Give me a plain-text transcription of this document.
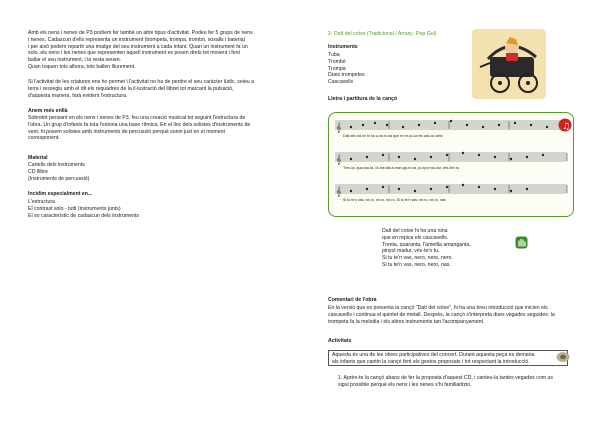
Amb els nens i nenes de P3 podíem fer també un altre tipus d'activitat. Podeu fer 5 grups de nens
i nenes. Cadascun d'ells representa un instrument (trompeta, trompa, trombó, xoxalls i bateria)
i per això podem repartir una imatge del seu instrument a cada infant. Quan un instrument fa un
solo, els nens i les nenes que representen aquell instrument es posen drets tot movent i fent
ballar el seu instrument, i la resta seuen.
Quan toquen tots alhora, tots ballen lliurement.
Si l'activitat de les criatures ens ho permet i l'activitat no ha de perdre el seu caràcter lúdic, seieu a
terra i ressegiu amb el dit els requadres de la il·lustració del llibret tot marcant la pulsació,
d'aquesta manera, farà evident l'estructura.
Anem més enllà
Sobretot pensant en els nens i nenes de P3, feu una creació musical tot seguint l'estructura de
l'obra. Un grup d'infants fa tota l'estona una base rítmica. En el lloc dels solistes d'instruments de
vent, hi posem solistes amb instruments de percussió perquè sonin just en el moment
corresponent.
Material
Cartells dels instruments
CD llibre
(Instruments de percussió)
Incidim especialment en...
L'estructura
El contrast solo - tutti (instruments junts)
El so característic de cadascun dels instruments
2- Dalt del cotxe (Tradicional / Arranj.: Pep Gol)
Instruments
Tuba
Trombó
Trompa
Dues trompetes
Cascavells
Lletra i partitura de la cançó
𝄞
𝄞
𝄞
Dalt del cot-xe hi ha u-na ni-na que en re-pi-ca els cas-ca-vells
Tren-ta, qua-ran-ta, l'a-me-tlla a-man-ga-ni-na, pi-nyol ma-dur, vés-te'n tu
Si tu te'n vas, ne-ro, ne-ro, ne-ro. Si tu te'n vas, ne-ro, ne-ro, nas
♫
Dalt del cotxe hi ha una nina
que en repica els cascavells.
Trenta, quaranta, l'ametlla amanganta,
pinyol madur, vés-te'n tu.
Si tu te'n vas, nero, nero, nero.
Si tu te'n vas, nero, nero, nas.
Comentari de l'obra
En la versió que es presenta la cançó “Dalt del cotxe”, hi ha una breu introducció que inicien els
cascavells i continua el quintet de metall. Després, la cançó s'interpreta dues vegades seguides: la
trompeta fa la melodia i els altres instruments tan l'acompanyament.
Activitats
Aquesta és una de les obres participatives del concert. Durant aquesta peça es demana
als infants que cantin la cançó fent els gestos proposats i tot respectant la introducció.
1. Aprèn-te la cançó abans de fer la proposta d'aquest CD, i canteu-la tantes vegades com us
sigui possible perquè els nens i les nenes s'hi familiaritzin.
